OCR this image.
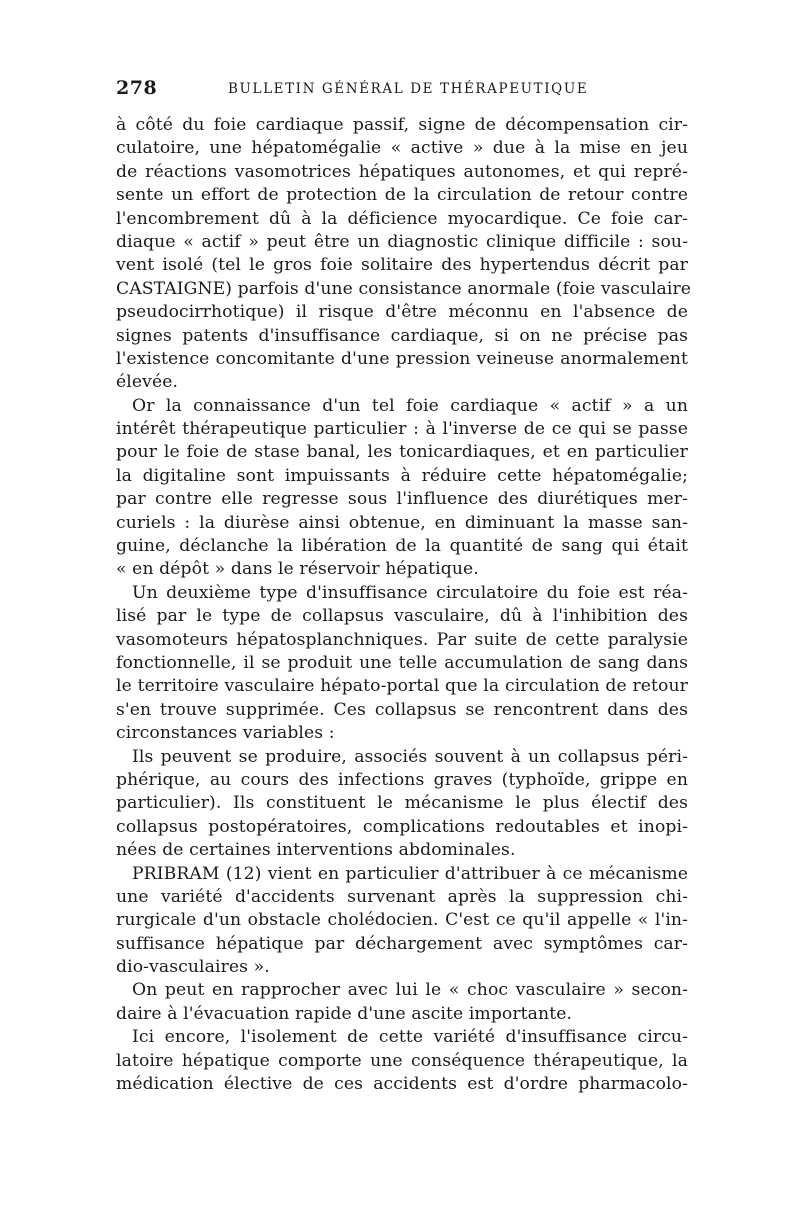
278	BULLETIN GÉNÉRAL DE THÉRAPEUTIQUE
à côté du foie cardiaque passif, signe de décompensation cir-
culatoire, une hépatomégalie « active » due à la mise en jeu
de réactions vasomotrices hépatiques autonomes, et qui repré-
sente un effort de protection de la circulation de retour contre
l'encombrement dû à la déficience myocardique. Ce foie car-
diaque « actif » peut être un diagnostic clinique difficile : sou-
vent isolé (tel le gros foie solitaire des hypertendus décrit par
CASTAIGNE) parfois d'une consistance anormale (foie vasculaire
pseudocirrhotique) il risque d'être méconnu en l'absence de
signes patents d'insuffisance cardiaque, si on ne précise pas
l'existence concomitante d'une pression veineuse anormalement
élevée.
Or la connaissance d'un tel foie cardiaque « actif » a un
intérêt thérapeutique particulier : à l'inverse de ce qui se passe
pour le foie de stase banal, les tonicardiaques, et en particulier
la digitaline sont impuissants à réduire cette hépatomégalie;
par contre elle regresse sous l'influence des diurétiques mer-
curiels : la diurèse ainsi obtenue, en diminuant la masse san-
guine, déclanche la libération de la quantité de sang qui était
« en dépôt » dans le réservoir hépatique.
Un deuxième type d'insuffisance circulatoire du foie est réa-
lisé par le type de collapsus vasculaire, dû à l'inhibition des
vasomoteurs hépatosplanchniques. Par suite de cette paralysie
fonctionnelle, il se produit une telle accumulation de sang dans
le territoire vasculaire hépato-portal que la circulation de retour
s'en trouve supprimée. Ces collapsus se rencontrent dans des
circonstances variables :
Ils peuvent se produire, associés souvent à un collapsus péri-
phérique, au cours des infections graves (typhoïde, grippe en
particulier). Ils constituent le mécanisme le plus électif des
collapsus postopératoires, complications redoutables et inopi-
nées de certaines interventions abdominales.
PRIBRAM (12) vient en particulier d'attribuer à ce mécanisme
une variété d'accidents survenant après la suppression chi-
rurgicale d'un obstacle cholédocien. C'est ce qu'il appelle « l'in-
suffisance hépatique par déchargement avec symptômes car-
dio-vasculaires ».
On peut en rapprocher avec lui le « choc vasculaire » secon-
daire à l'évacuation rapide d'une ascite importante.
Ici encore, l'isolement de cette variété d'insuffisance circu-
latoire hépatique comporte une conséquence thérapeutique, la
médication élective de ces accidents est d'ordre pharmacolo-
